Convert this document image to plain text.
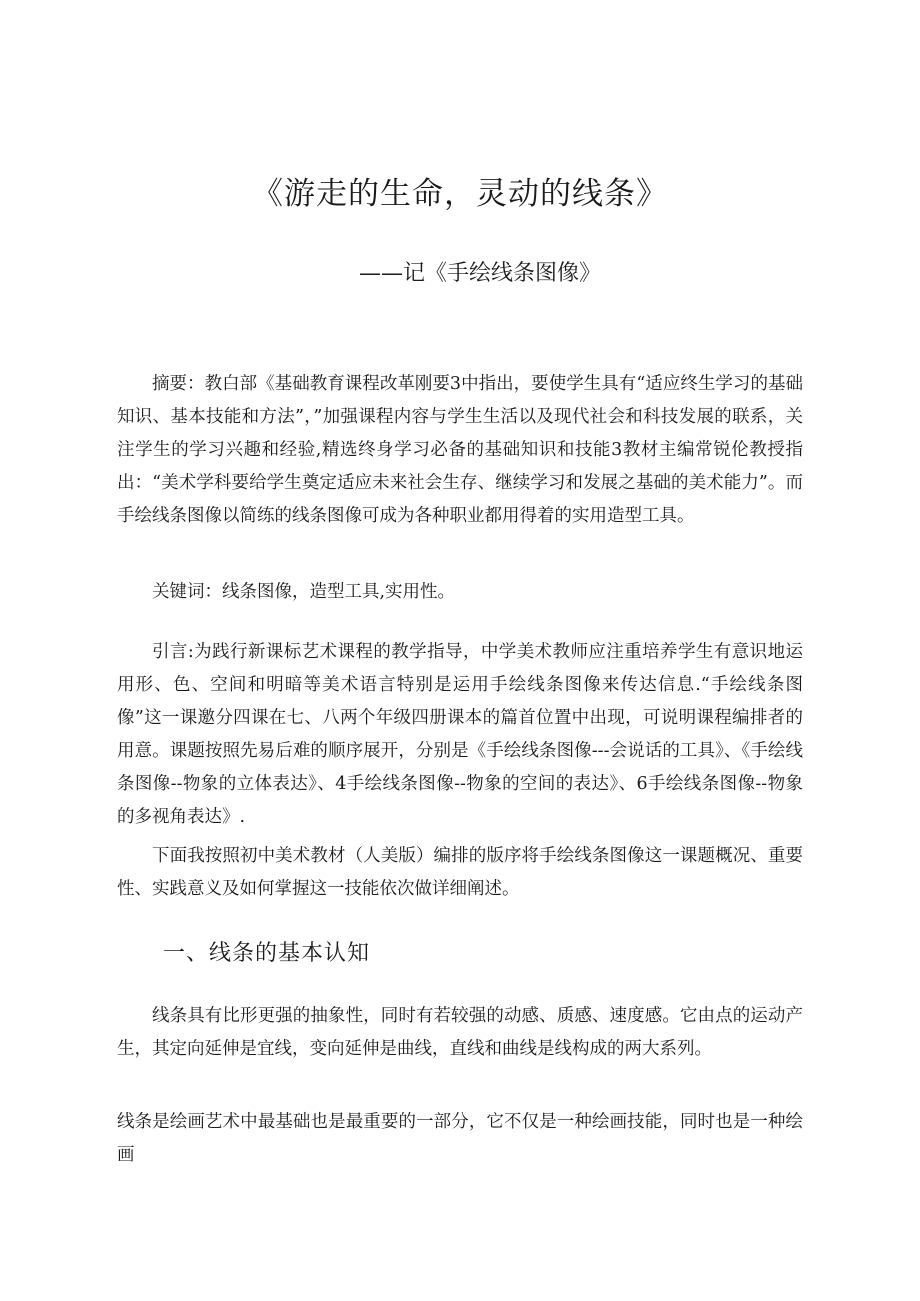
《游走的生命，灵动的线条》
——记《手绘线条图像》

摘要：教白部《基础教育课程改革刚要3中指出，要使学生具有“适应终生学习的基础知识、基本技能和方法”，”加强课程内容与学生生活以及现代社会和科技发展的联系，关注学生的学习兴趣和经验,精选终身学习必备的基础知识和技能3教材主编常锐伦教授指出：“美术学科要给学生奠定适应未来社会生存、继续学习和发展之基础的美术能力”。而手绘线条图像以简练的线条图像可成为各种职业都用得着的实用造型工具。

关键词：线条图像，造型工具,实用性。

引言:为践行新课标艺术课程的教学指导，中学美术教师应注重培养学生有意识地运用形、色、空间和明暗等美术语言特别是运用手绘线条图像来传达信息.“手绘线条图像”这一课邀分四课在七、八两个年级四册课本的篇首位置中出现，可说明课程编排者的用意。课题按照先易后难的顺序展开，分别是《手绘线条图像---会说话的工具》、《手绘线条图像--物象的立体表达》、4手绘线条图像--物象的空间的表达》、6手绘线条图像--物象的多视角表达》.

下面我按照初中美术教材（人美版）编排的版序将手绘线条图像这一课题概况、重要性、实践意义及如何掌握这一技能依次做详细阐述。

一、线条的基本认知

线条具有比形更强的抽象性，同时有若较强的动感、质感、速度感。它由点的运动产生，其定向延伸是宜线，变向延伸是曲线，直线和曲线是线构成的两大系列。

线条是绘画艺术中最基础也是最重要的一部分，它不仅是一种绘画技能，同时也是一种绘画
